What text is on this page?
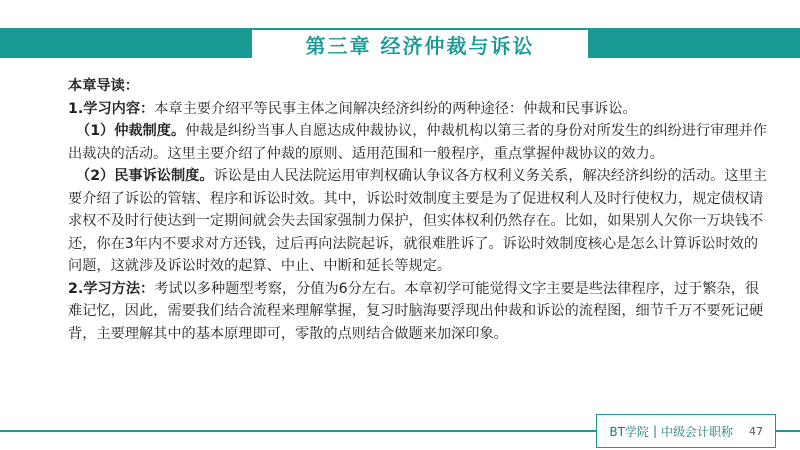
第三章 经济仲裁与诉讼

本章导读：

1.学习内容：本章主要介绍平等民事主体之间解决经济纠纷的两种途径：仲裁和民事诉讼。

（1）仲裁制度。仲裁是纠纷当事人自愿达成仲裁协议，仲裁机构以第三者的身份对所发生的纠纷进行审理并作出裁决的活动。这里主要介绍了仲裁的原则、适用范围和一般程序，重点掌握仲裁协议的效力。

（2）民事诉讼制度。诉讼是由人民法院运用审判权确认争议各方权利义务关系，解决经济纠纷的活动。这里主要介绍了诉讼的管辖、程序和诉讼时效。其中，诉讼时效制度主要是为了促进权利人及时行使权力，规定债权请求权不及时行使达到一定期间就会失去国家强制力保护，但实体权利仍然存在。比如，如果别人欠你一万块钱不还，你在3年内不要求对方还钱，过后再向法院起诉，就很难胜诉了。诉讼时效制度核心是怎么计算诉讼时效的问题，这就涉及诉讼时效的起算、中止、中断和延长等规定。

2.学习方法：考试以多种题型考察，分值为6分左右。本章初学可能觉得文字主要是些法律程序，过于繁杂，很难记忆，因此，需要我们结合流程来理解掌握，复习时脑海要浮现出仲裁和诉讼的流程图，细节千万不要死记硬背，主要理解其中的基本原理即可，零散的点则结合做题来加深印象。

BT学院 | 中级会计职称 47
